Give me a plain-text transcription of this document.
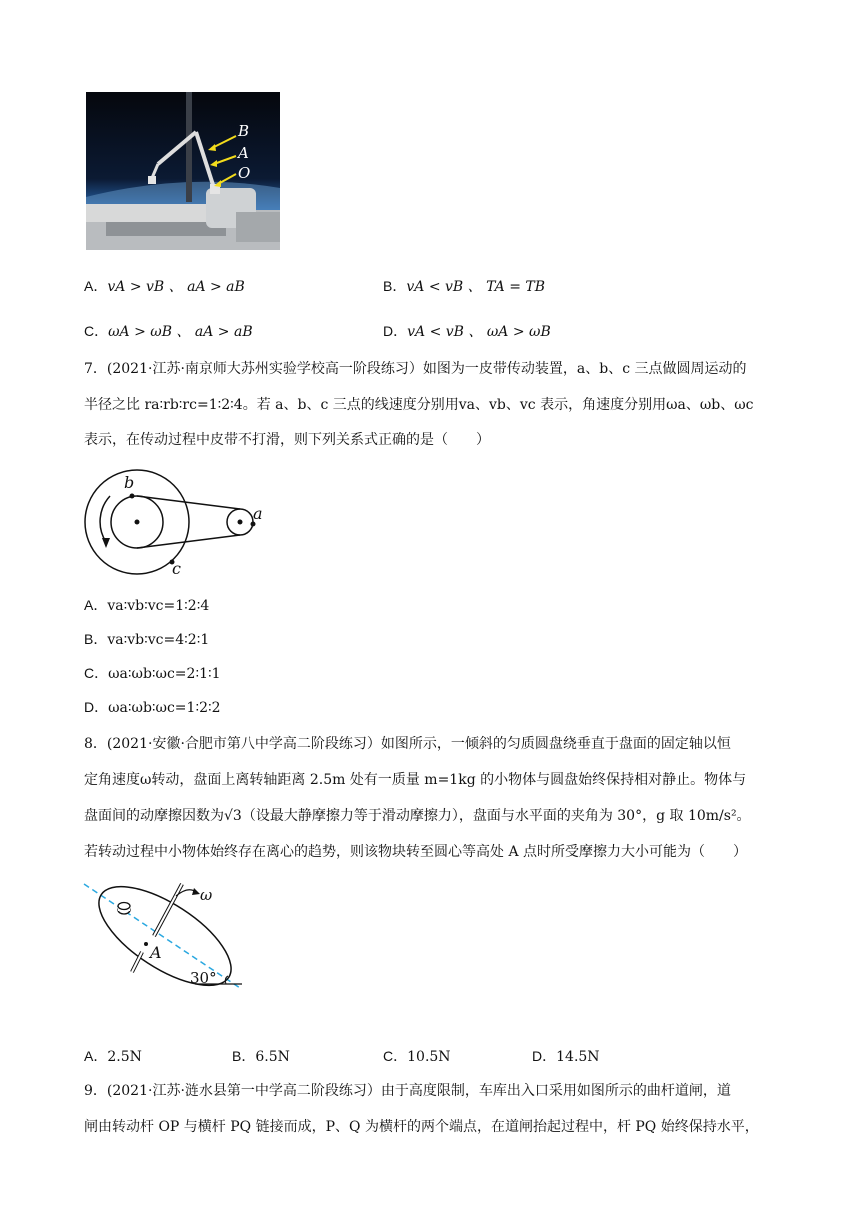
B
A
O
A．vA > vB 、 aA > aB	B．vA < vB 、 TA = TB
C．ωA > ωB 、 aA > aB	D．vA < vB 、 ωA > ωB
7．(2021·江苏·南京师大苏州实验学校高一阶段练习）如图为一皮带传动装置，a、b、c 三点做圆周运动的
半径之比 ra∶rb∶rc=1∶2∶4。若 a、b、c 三点的线速度分别用va、vb、vc 表示，角速度分别用ωa、ωb、ωc
表示，在传动过程中皮带不打滑，则下列关系式正确的是（　　）
b
a
c
A．va∶vb∶vc=1∶2∶4
B．va∶vb∶vc=4∶2∶1
C．ωa∶ωb∶ωc=2∶1∶1
D．ωa∶ωb∶ωc=1∶2∶2
8．(2021·安徽·合肥市第八中学高二阶段练习）如图所示，一倾斜的匀质圆盘绕垂直于盘面的固定轴以恒
定角速度ω转动，盘面上离转轴距离 2.5m 处有一质量 m=1kg 的小物体与圆盘始终保持相对静止。物体与
盘面间的动摩擦因数为√3（设最大静摩擦力等于滑动摩擦力），盘面与水平面的夹角为 30°，g 取 10m/s²。
若转动过程中小物体始终存在离心的趋势，则该物块转至圆心等高处 A 点时所受摩擦力大小可能为（　　）
ω
A
30°
A．2.5N	B．6.5N	C．10.5N	D．14.5N
9．(2021·江苏·涟水县第一中学高二阶段练习）由于高度限制，车库出入口采用如图所示的曲杆道闸，道
闸由转动杆 OP 与横杆 PQ 链接而成，P、Q 为横杆的两个端点，在道闸抬起过程中，杆 PQ 始终保持水平，
